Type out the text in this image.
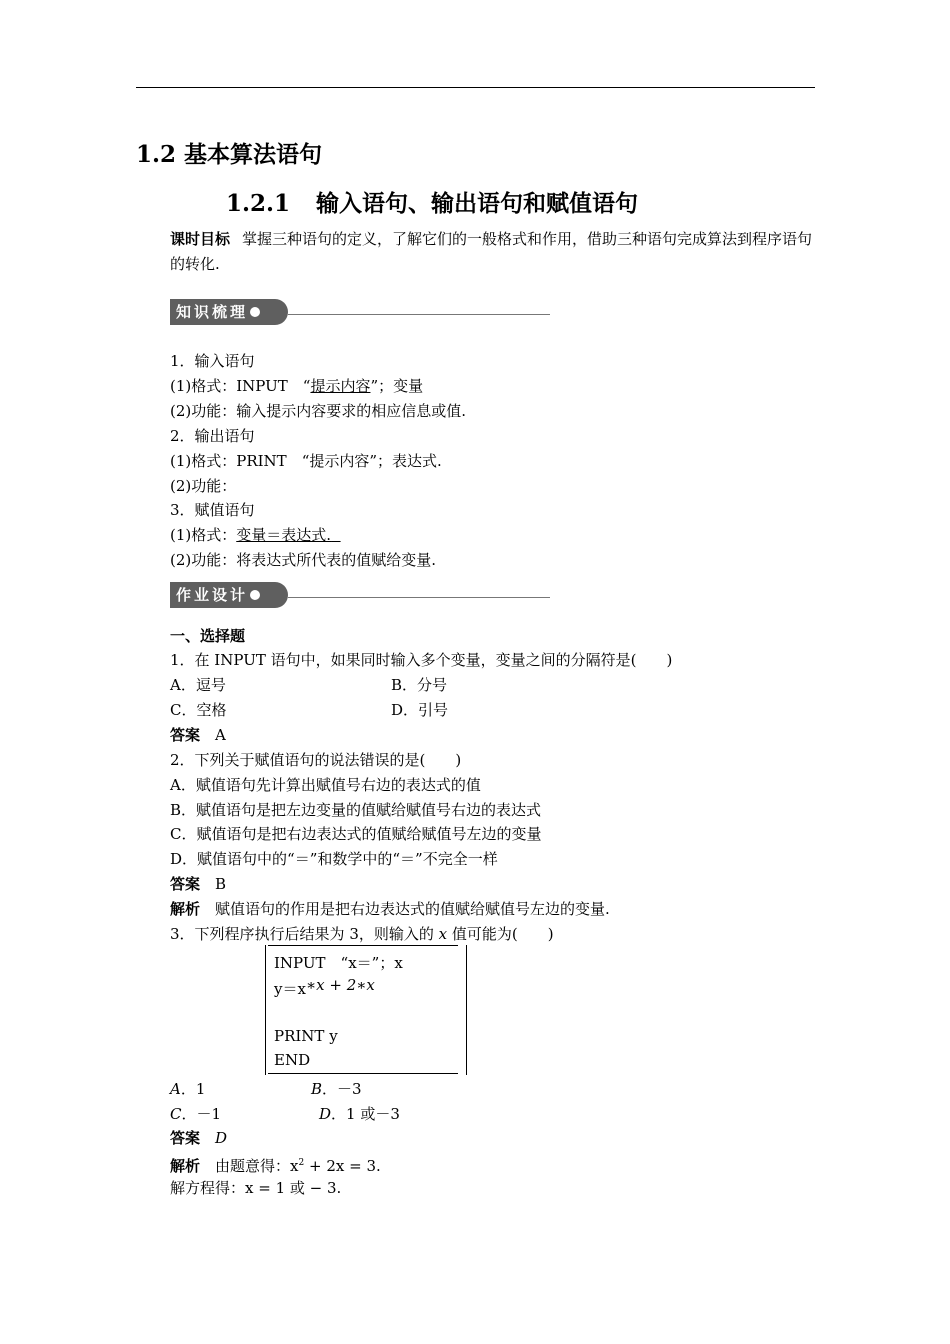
1.2 基本算法语句
1.2.1 输入语句、输出语句和赋值语句
课时目标 掌握三种语句的定义，了解它们的一般格式和作用，借助三种语句完成算法到程序语句的转化.
知识梳理
1．输入语句
(1)格式：INPUT　“提示内容”；变量
(2)功能：输入提示内容要求的相应信息或值.
2．输出语句
(1)格式：PRINT　“提示内容”；表达式.
(2)功能：
3．赋值语句
(1)格式：变量＝表达式.
(2)功能：将表达式所代表的值赋给变量.
作业设计
一、选择题
1．在 INPUT 语句中，如果同时输入多个变量，变量之间的分隔符是(　　)
A．逗号	B．分号
C．空格	D．引号
答案　 A
2．下列关于赋值语句的说法错误的是(　　)
A．赋值语句先计算出赋值号右边的表达式的值
B．赋值语句是把左边变量的值赋给赋值号右边的表达式
C．赋值语句是把右边表达式的值赋给赋值号左边的变量
D．赋值语句中的“＝”和数学中的“＝”不完全一样
答案　 B
解析　 赋值语句的作用是把右边表达式的值赋给赋值号左边的变量.
3．下列程序执行后结果为 3，则输入的 x 值可能为(　　)
INPUT　“x＝”；x
y＝x∗x + 2∗x
PRINT y
END
A．1	B．－3
C．－1	D．1 或－3
答案　 D
解析　 由题意得：$x^2 + 2x = 3$.
解方程得：x = 1 或 − 3.
